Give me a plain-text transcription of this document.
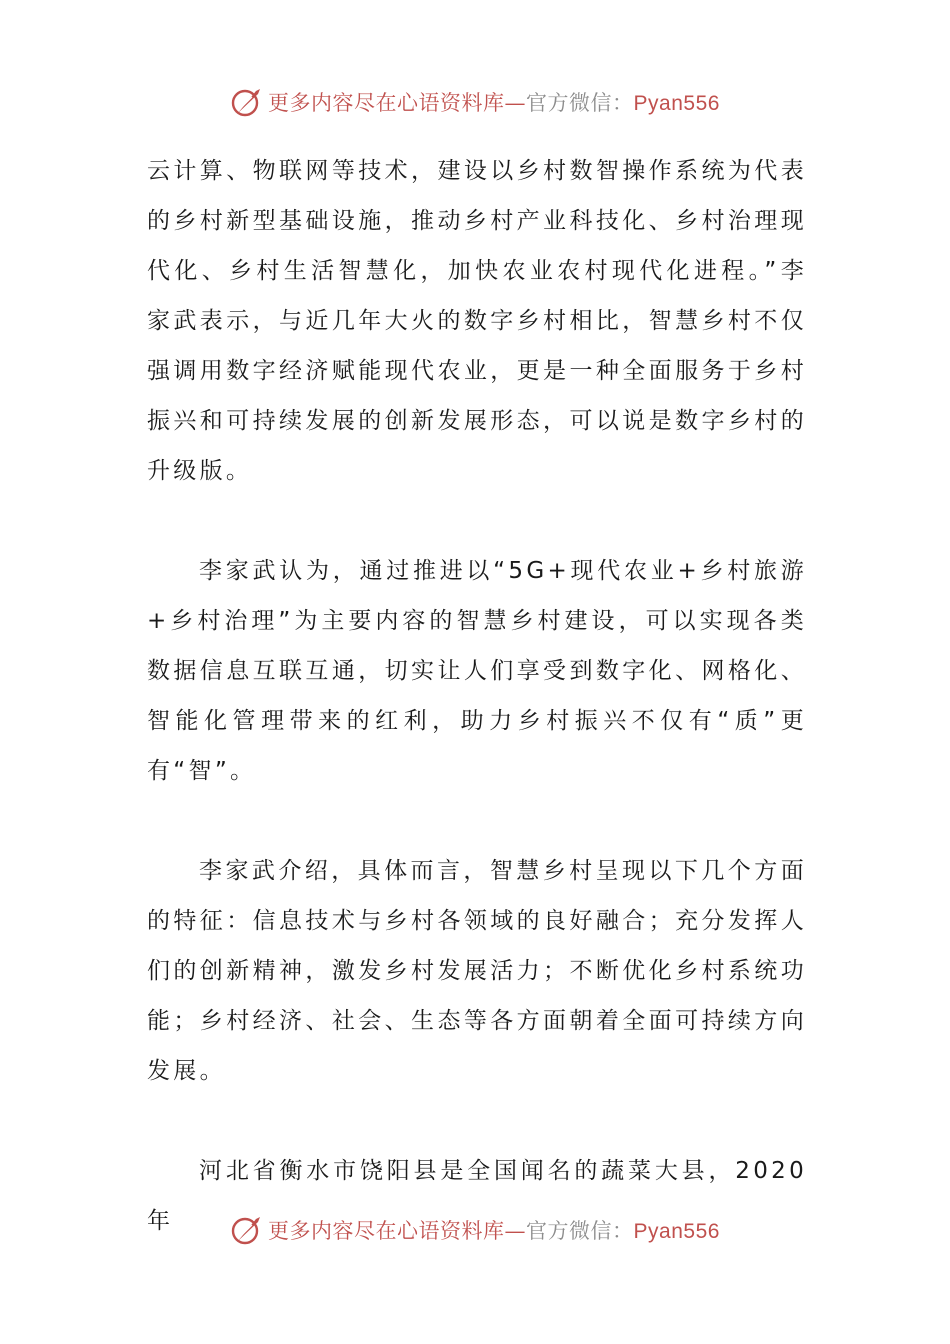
更多内容尽在心语资料库—官方微信：Pyan556

云计算、物联网等技术，建设以乡村数智操作系统为代表的乡村新型基础设施，推动乡村产业科技化、乡村治理现代化、乡村生活智慧化，加快农业农村现代化进程。”李家武表示，与近几年大火的数字乡村相比，智慧乡村不仅强调用数字经济赋能现代农业，更是一种全面服务于乡村振兴和可持续发展的创新发展形态，可以说是数字乡村的升级版。

李家武认为，通过推进以“5G+现代农业+乡村旅游+乡村治理”为主要内容的智慧乡村建设，可以实现各类数据信息互联互通，切实让人们享受到数字化、网格化、智能化管理带来的红利，助力乡村振兴不仅有“质”更有“智”。

李家武介绍，具体而言，智慧乡村呈现以下几个方面的特征：信息技术与乡村各领域的良好融合；充分发挥人们的创新精神，激发乡村发展活力；不断优化乡村系统功能；乡村经济、社会、生态等各方面朝着全面可持续方向发展。

河北省衡水市饶阳县是全国闻名的蔬菜大县，2020 年	更多内容尽在心语资料库—官方微信：Pyan556
